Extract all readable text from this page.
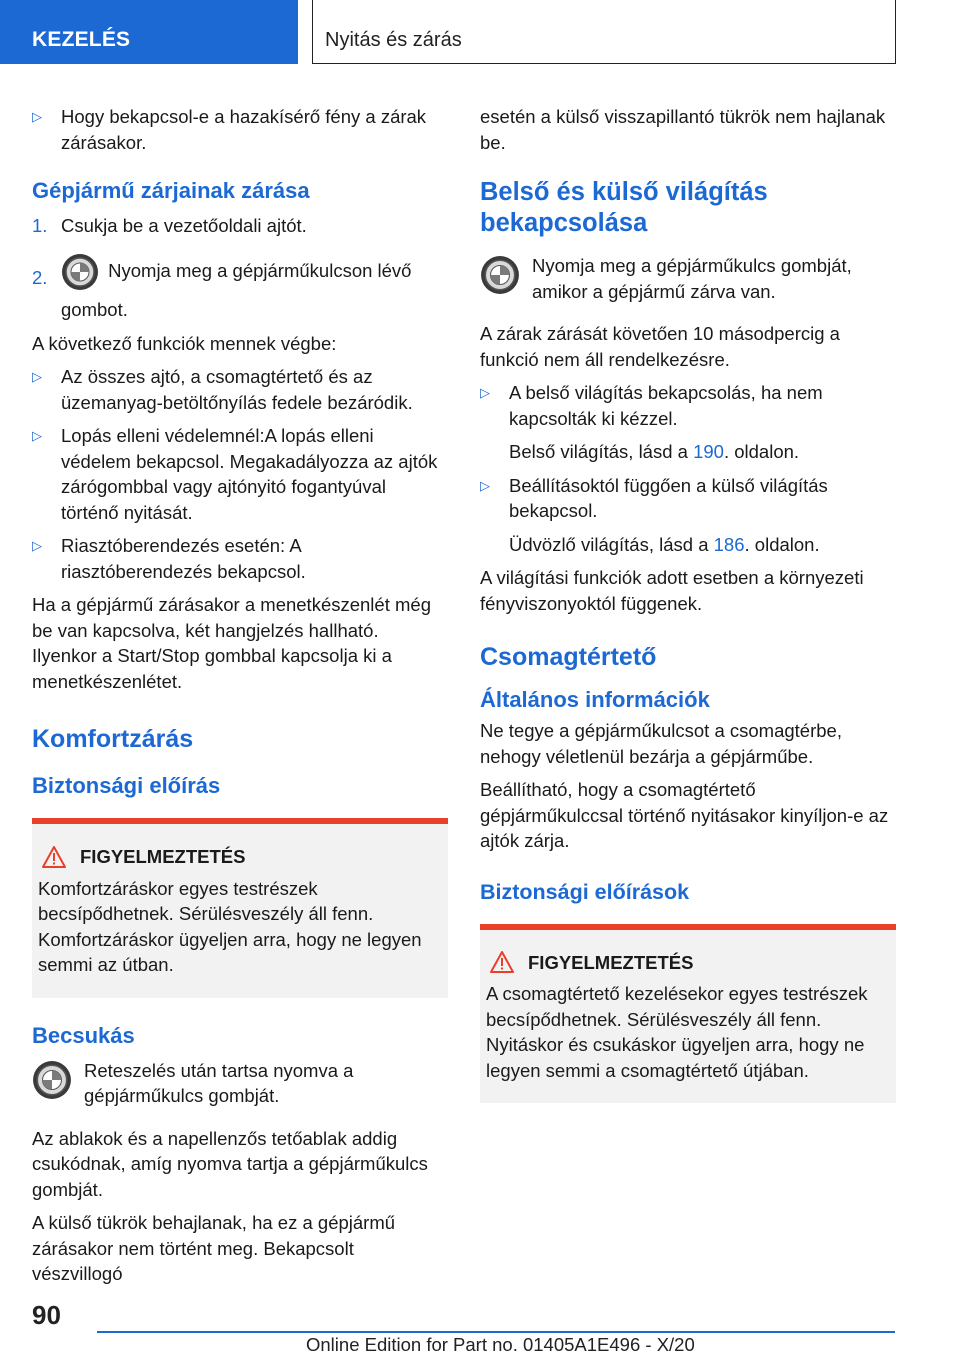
KEZELÉS	Nyitás és zárás
▷ Hogy bekapcsol-e a hazakísérő fény a zárak zárásakor.
Gépjármű zárjainak zárása
1. Csukja be a vezetőoldali ajtót.
2.	Nyomja meg a gépjárműkulcson lévő gombot.
A következő funkciók mennek végbe:
▷ Az összes ajtó, a csomagtértető és az üzemanyag-betöltőnyílás fedele bezáródik.
▷ Lopás elleni védelemnél:A lopás elleni védelem bekapcsol. Megakadályozza az ajtók zárógombbal vagy ajtónyitó fogantyúval történő nyitását.
▷ Riasztóberendezés esetén: A riasztóberendezés bekapcsol.
Ha a gépjármű zárásakor a menetkészenlét még be van kapcsolva, két hangjelzés hallható. Ilyenkor a Start/Stop gombbal kapcsolja ki a menetkészenlétet.
Komfortzárás
Biztonsági előírás
FIGYELMEZTETÉS
Komfortzáráskor egyes testrészek becsípődhetnek. Sérülésveszély áll fenn. Komfortzáráskor ügyeljen arra, hogy ne legyen semmi az útban.
Becsukás
Reteszelés után tartsa nyomva a gépjárműkulcs gombját.
Az ablakok és a napellenzős tetőablak addig csukódnak, amíg nyomva tartja a gépjárműkulcs gombját.
A külső tükrök behajlanak, ha ez a gépjármű zárásakor nem történt meg. Bekapcsolt vészvillogó
esetén a külső visszapillantó tükrök nem hajlanak be.
Belső és külső világítás bekapcsolása
Nyomja meg a gépjárműkulcs gombját, amikor a gépjármű zárva van.
A zárak zárását követően 10 másodpercig a funkció nem áll rendelkezésre.
▷ A belső világítás bekapcsolás, ha nem kapcsolták ki kézzel.
Belső világítás, lásd a 190. oldalon.
▷ Beállításoktól függően a külső világítás bekapcsol.
Üdvözlő világítás, lásd a 186. oldalon.
A világítási funkciók adott esetben a környezeti fényviszonyoktól függenek.
Csomagtértető
Általános információk
Ne tegye a gépjárműkulcsot a csomagtérbe, nehogy véletlenül bezárja a gépjárműbe.
Beállítható, hogy a csomagtértető gépjárműkulccsal történő nyitásakor kinyíljon-e az ajtók zárja.
Biztonsági előírások
FIGYELMEZTETÉS
A csomagtértető kezelésekor egyes testrészek becsípődhetnek. Sérülésveszély áll fenn. Nyitáskor és csukáskor ügyeljen arra, hogy ne legyen semmi a csomagtértető útjában.
90
Online Edition for Part no. 01405A1E496 - X/20
